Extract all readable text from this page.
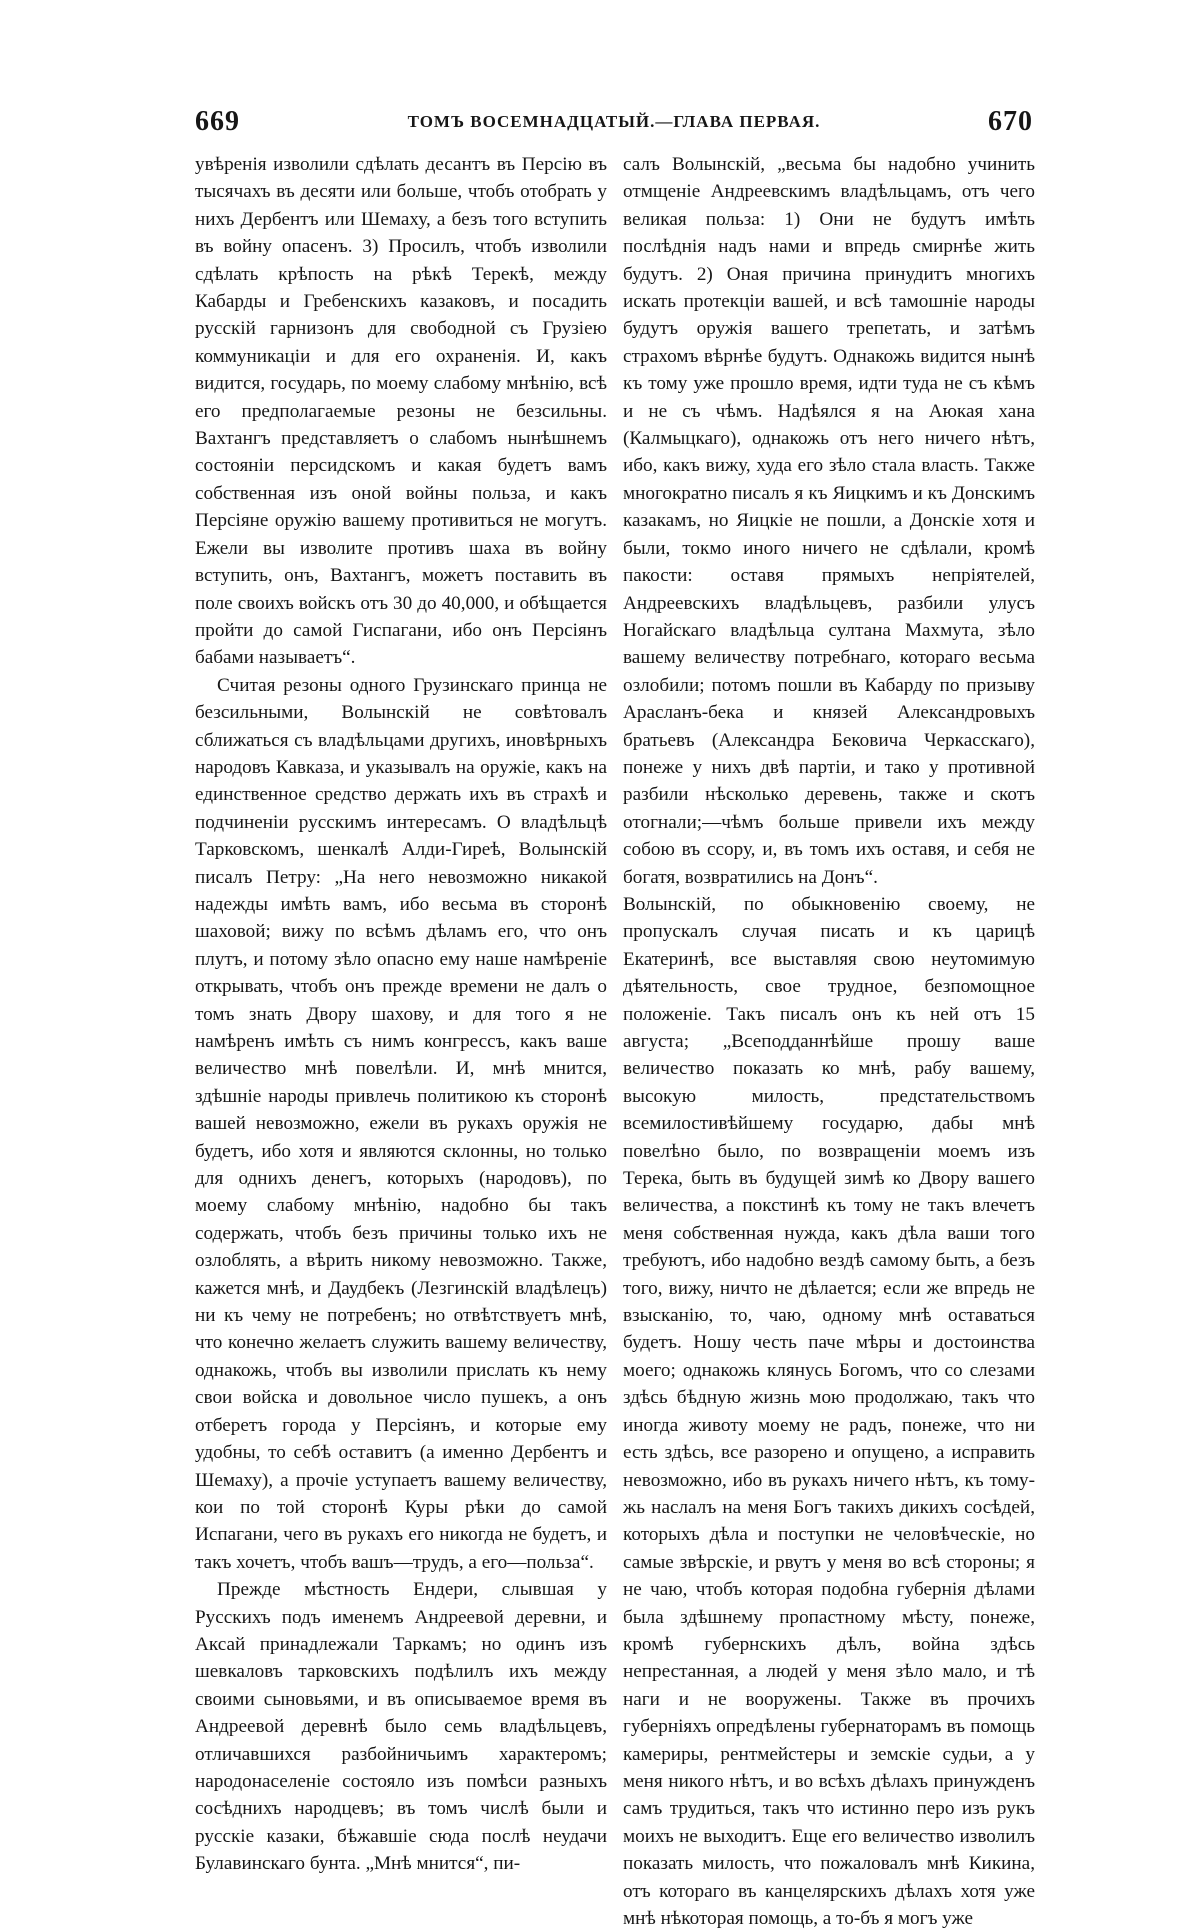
669	ТОМЪ ВОСЕМНАДЦАТЫЙ.—ГЛАВА ПЕРВАЯ.	670

увѣренія изволили сдѣлать десантъ въ Персію въ тысячахъ въ десяти или больше, чтобъ отобрать у нихъ Дербентъ или Шемаху, а безъ того вступить въ войну опасенъ. 3) Просилъ, чтобъ изволили сдѣлать крѣпость на рѣкѣ Терекѣ, между Кабарды и Гребенскихъ казаковъ, и посадить русскій гарнизонъ для свободной съ Грузіею коммуникаціи и для его охраненія. И, какъ видится, государь, по моему слабому мнѣнію, всѣ его предполагаемые резоны не безсильны. Вахтангъ представляетъ о слабомъ нынѣшнемъ состояніи персидскомъ и какая будетъ вамъ собственная изъ оной войны польза, и какъ Персіяне оружію вашему противиться не могутъ. Ежели вы изволите противъ шаха въ войну вступить, онъ, Вахтангъ, можетъ поставить въ поле своихъ войскъ отъ 30 до 40,000, и обѣщается пройти до самой Гиспагани, ибо онъ Персіянъ бабами называетъ“.

Считая резоны одного Грузинскаго принца не безсильными, Волынскій не совѣтовалъ сближаться съ владѣльцами другихъ, иновѣрныхъ народовъ Кавказа, и указывалъ на оружіе, какъ на единственное средство держать ихъ въ страхѣ и подчиненіи русскимъ интересамъ. О владѣльцѣ Тарковскомъ, шенкалѣ Алди-Гиреѣ, Волынскій писалъ Петру: „На него невозможно никакой надежды имѣть вамъ, ибо весьма въ сторонѣ шаховой; вижу по всѣмъ дѣламъ его, что онъ плутъ, и потому зѣло опасно ему наше намѣреніе открывать, чтобъ онъ прежде времени не далъ о томъ знать Двору шахову, и для того я не намѣренъ имѣть съ нимъ конгрессъ, какъ ваше величество мнѣ повелѣли. И, мнѣ мнится, здѣшніе народы привлечь политикою къ сторонѣ вашей невозможно, ежели въ рукахъ оружія не будетъ, ибо хотя и являются склонны, но только для однихъ денегъ, которыхъ (народовъ), по моему слабому мнѣнію, надобно бы такъ содержать, чтобъ безъ причины только ихъ не озлоблять, а вѣрить никому невозможно. Также, кажется мнѣ, и Даудбекъ (Лезгинскій владѣлецъ) ни къ чему не потребенъ; но отвѣтствуетъ мнѣ, что конечно желаетъ служить вашему величеству, однакожь, чтобъ вы изволили прислать къ нему свои войска и довольное число пушекъ, а онъ отберетъ города у Персіянъ, и которые ему удобны, то себѣ оставитъ (а именно Дербентъ и Шемаху), а прочіе уступаетъ вашему величеству, кои по той сторонѣ Куры рѣки до самой Испагани, чего въ рукахъ его никогда не будетъ, и такъ хочетъ, чтобъ вашъ—трудъ, а его—польза“.

Прежде мѣстность Ендери, слывшая у Русскихъ подъ именемъ Андреевой деревни, и Аксай принадлежали Таркамъ; но одинъ изъ шевкаловъ тарковскихъ подѣлилъ ихъ между своими сыновьями, и въ описываемое время въ Андреевой деревнѣ было семь владѣльцевъ, отличавшихся разбойничьимъ характеромъ; народонаселеніе состояло изъ помѣси разныхъ сосѣднихъ народцевъ; въ томъ числѣ были и русскіе казаки, бѣжавшіе сюда послѣ неудачи Булавинскаго бунта. „Мнѣ мнится“, пи-

салъ Волынскій, „весьма бы надобно учинить отмщеніе Андреевскимъ владѣльцамъ, отъ чего великая польза: 1) Они не будутъ имѣть послѣднія надъ нами и впредь смирнѣе жить будутъ. 2) Оная причина принудитъ многихъ искать протекціи вашей, и всѣ тамошніе народы будутъ оружія вашего трепетать, и затѣмъ страхомъ вѣрнѣе будутъ. Однакожь видится нынѣ къ тому уже прошло время, идти туда не съ кѣмъ и не съ чѣмъ. Надѣялся я на Аюкая хана (Калмыцкаго), однакожь отъ него ничего нѣтъ, ибо, какъ вижу, худа его зѣло стала власть. Также многократно писалъ я къ Яицкимъ и къ Донскимъ казакамъ, но Яицкіе не пошли, а Донскіе хотя и были, токмо иного ничего не сдѣлали, кромѣ пакости: оставя прямыхъ непріятелей, Андреевскихъ владѣльцевъ, разбили улусъ Ногайскаго владѣльца султана Махмута, зѣло вашему величеству потребнаго, котораго весьма озлобили; потомъ пошли въ Кабарду по призыву Арасланъ-бека и князей Александровыхъ братьевъ (Александра Бековича Черкасскаго), понеже у нихъ двѣ партіи, и тако у противной разбили нѣсколько деревень, также и скотъ отогнали;—чѣмъ больше привели ихъ между собою въ ссору, и, въ томъ ихъ оставя, и себя не богатя, возвратились на Донъ“.

Волынскій, по обыкновенію своему, не пропускалъ случая писать и къ царицѣ Екатеринѣ, все выставляя свою неутомимую дѣятельность, свое трудное, безпомощное положеніе. Такъ писалъ онъ къ ней отъ 15 августа; „Всеподданнѣйше прошу ваше величество показать ко мнѣ, рабу вашему, высокую милость, предстательствомъ всемилостивѣйшему государю, дабы мнѣ повелѣно было, по возвращеніи моемъ изъ Терека, быть въ будущей зимѣ ко Двору вашего величества, а покстинѣ къ тому не такъ влечетъ меня собственная нужда, какъ дѣла ваши того требуютъ, ибо надобно вездѣ самому быть, а безъ того, вижу, ничто не дѣлается; если же впредь не взысканію, то, чаю, одному мнѣ оставаться будетъ. Ношу честь паче мѣры и достоинства моего; однакожь клянусь Богомъ, что со слезами здѣсь бѣдную жизнь мою продолжаю, такъ что иногда животу моему не радъ, понеже, что ни есть здѣсь, все разорено и опущено, а исправить невозможно, ибо въ рукахъ ничего нѣтъ, къ тому-жь наслалъ на меня Богъ такихъ дикихъ сосѣдей, которыхъ дѣла и поступки не человѣческіе, но самые звѣрскіе, и рвутъ у меня во всѣ стороны; я не чаю, чтобъ которая подобна губернія дѣлами была здѣшнему пропастному мѣсту, понеже, кромѣ губернскихъ дѣлъ, война здѣсь непрестанная, а людей у меня зѣло мало, и тѣ наги и не вооружены. Также въ прочихъ губерніяхъ опредѣлены губернаторамъ въ помощь камериры, рентмейстеры и земскіе судьи, а у меня никого нѣтъ, и во всѣхъ дѣлахъ принужденъ самъ трудиться, такъ что истинно перо изъ рукъ моихъ не выходитъ. Еще его величество изволилъ показать милость, что пожаловалъ мнѣ Кикина, отъ котораго въ канцелярскихъ дѣлахъ хотя уже мнѣ нѣкоторая помощь, а то-бъ я могъ уже
